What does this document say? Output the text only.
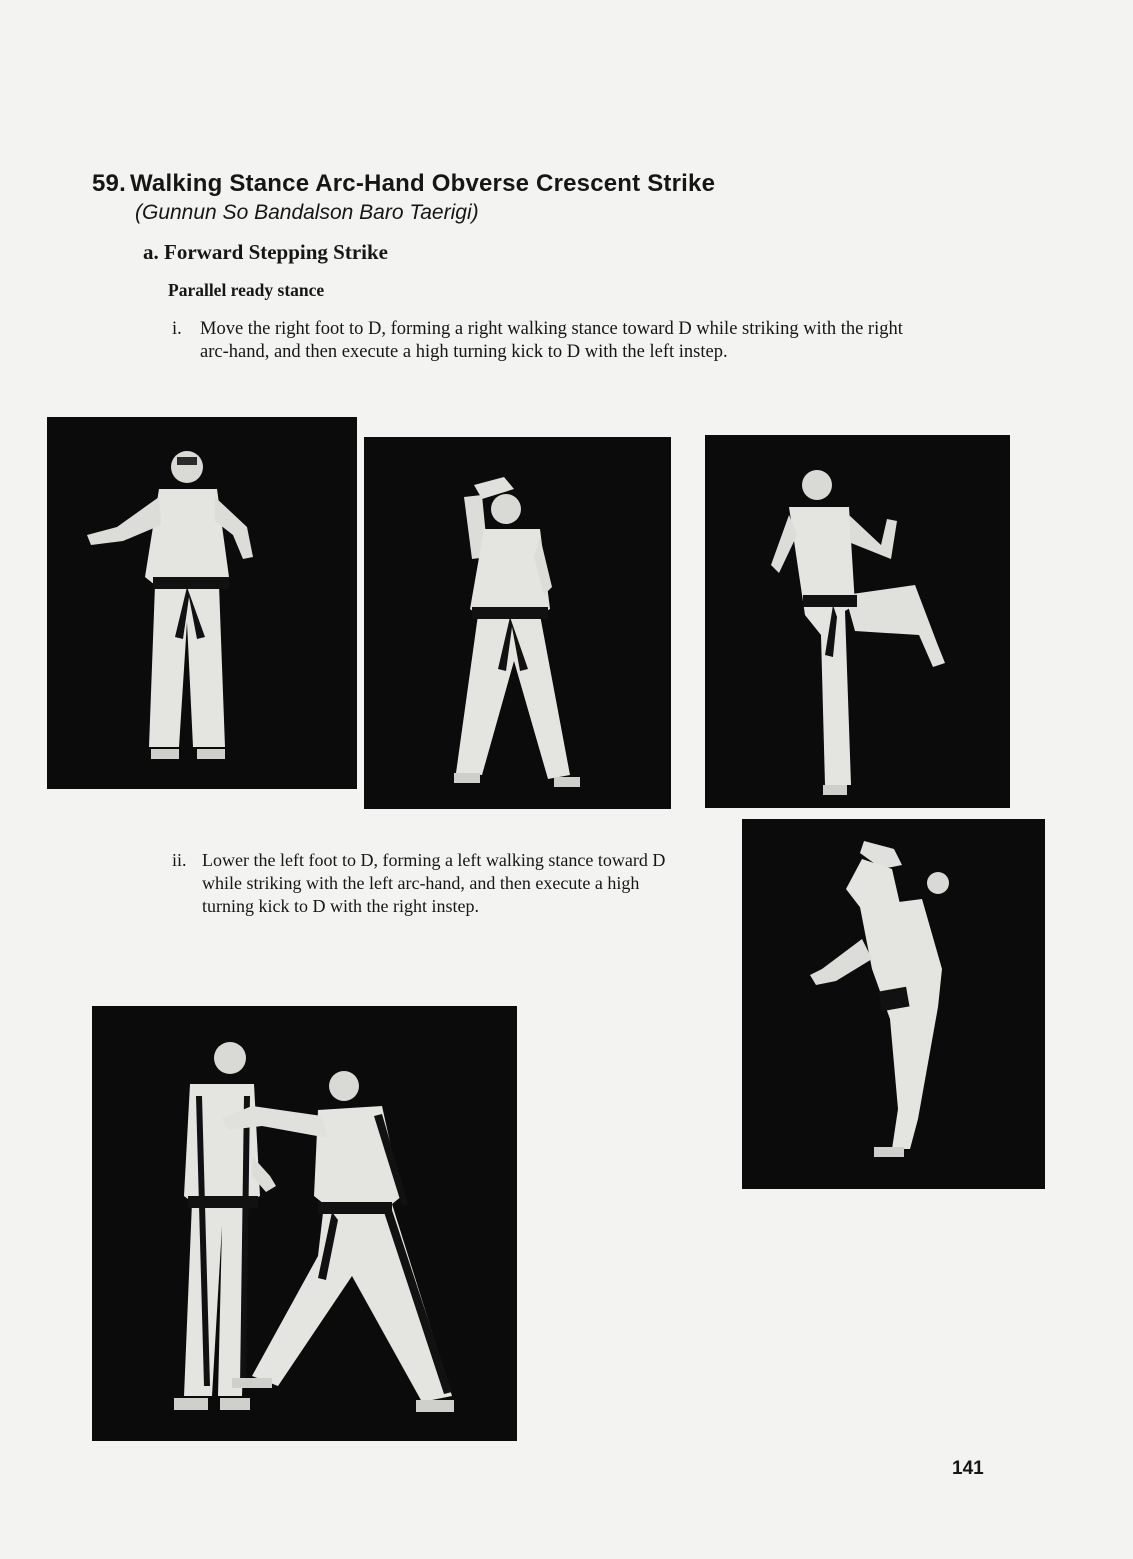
59. Walking Stance Arc-Hand Obverse Crescent Strike
(Gunnun So Bandalson Baro Taerigi)
a. Forward Stepping Strike
Parallel ready stance
i. Move the right foot to D, forming a right walking stance toward D while striking with the right arc-hand, and then execute a high turning kick to D with the left instep.
ii. Lower the left foot to D, forming a left walking stance toward D while striking with the left arc-hand, and then execute a high turning kick to D with the right instep.
141
